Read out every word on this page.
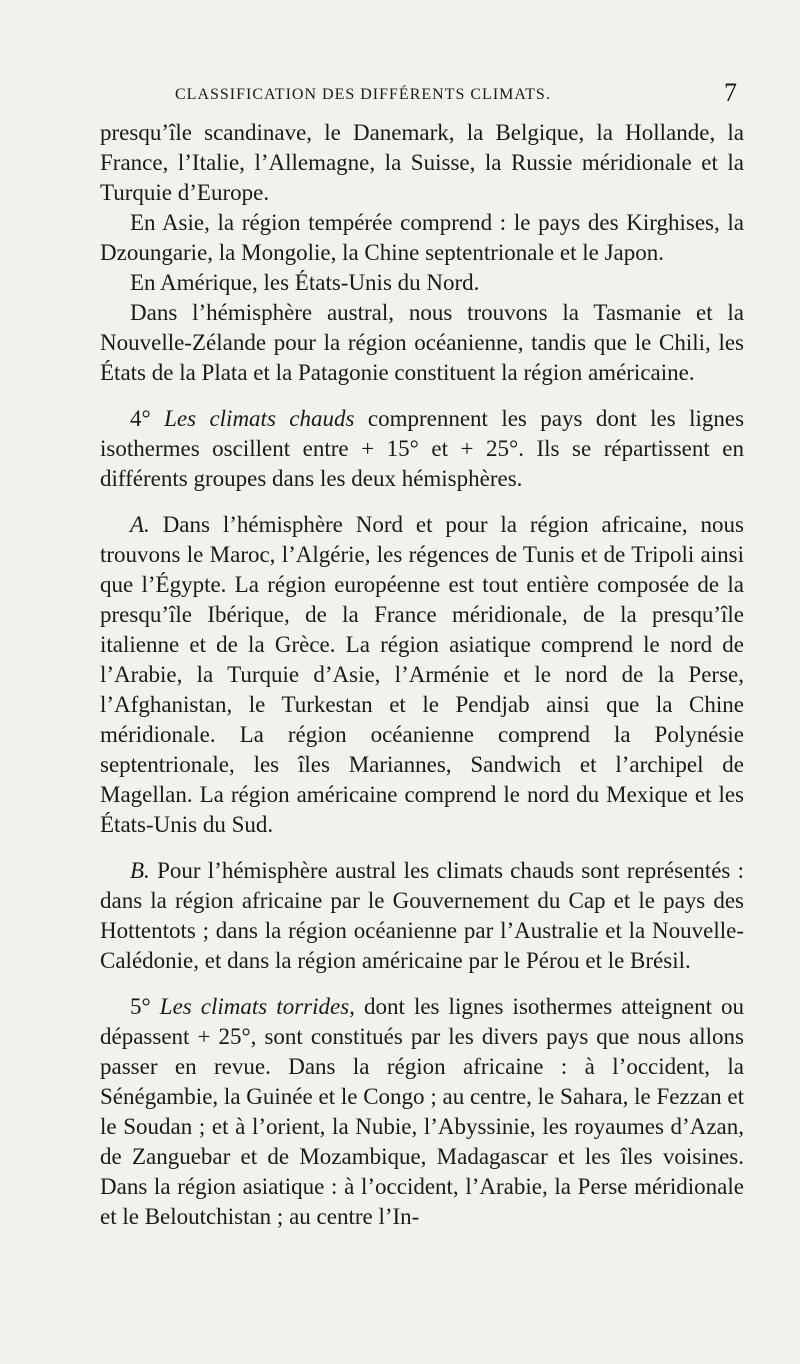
CLASSIFICATION DES DIFFÉRENTS CLIMATS.	7

presqu’île scandinave, le Danemark, la Belgique, la Hollande, la France, l’Italie, l’Allemagne, la Suisse, la Russie méridionale et la Turquie d’Europe.

En Asie, la région tempérée comprend : le pays des Kirghises, la Dzoungarie, la Mongolie, la Chine septentrionale et le Japon.

En Amérique, les États-Unis du Nord.

Dans l’hémisphère austral, nous trouvons la Tasmanie et la Nouvelle-Zélande pour la région océanienne, tandis que le Chili, les États de la Plata et la Patagonie constituent la région américaine.

4° Les climats chauds comprennent les pays dont les lignes isothermes oscillent entre + 15° et + 25°. Ils se répartissent en différents groupes dans les deux hémisphères.

A. Dans l’hémisphère Nord et pour la région africaine, nous trouvons le Maroc, l’Algérie, les régences de Tunis et de Tripoli ainsi que l’Égypte. La région européenne est tout entière composée de la presqu’île Ibérique, de la France méridionale, de la presqu’île italienne et de la Grèce. La région asiatique comprend le nord de l’Arabie, la Turquie d’Asie, l’Arménie et le nord de la Perse, l’Afghanistan, le Turkestan et le Pendjab ainsi que la Chine méridionale. La région océanienne comprend la Polynésie septentrionale, les îles Mariannes, Sandwich et l’archipel de Magellan. La région américaine comprend le nord du Mexique et les États-Unis du Sud.

B. Pour l’hémisphère austral les climats chauds sont représentés : dans la région africaine par le Gouvernement du Cap et le pays des Hottentots ; dans la région océanienne par l’Australie et la Nouvelle-Calédonie, et dans la région américaine par le Pérou et le Brésil.

5° Les climats torrides, dont les lignes isothermes atteignent ou dépassent + 25°, sont constitués par les divers pays que nous allons passer en revue. Dans la région africaine : à l’occident, la Sénégambie, la Guinée et le Congo ; au centre, le Sahara, le Fezzan et le Soudan ; et à l’orient, la Nubie, l’Abyssinie, les royaumes d’Azan, de Zanguebar et de Mozambique, Madagascar et les îles voisines. Dans la région asiatique : à l’occident, l’Arabie, la Perse méridionale et le Beloutchistan ; au centre l’In-
